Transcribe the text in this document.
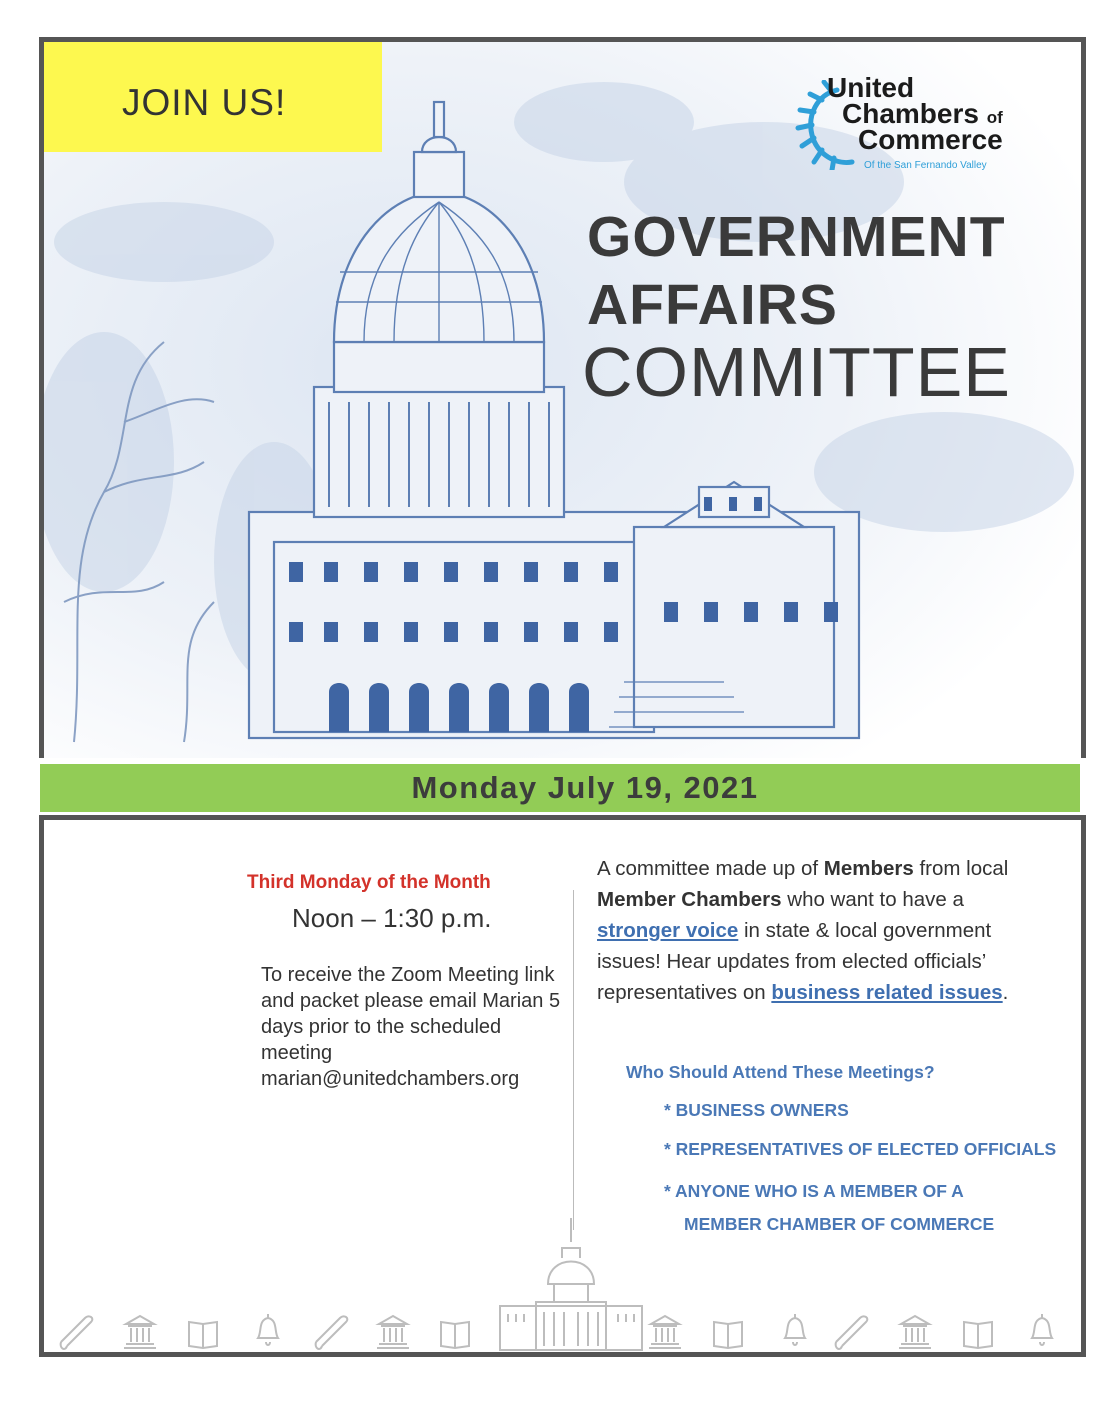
JOIN US!	United
Chambers of
Commerce
Of the San Fernando Valley
GOVERNMENT
AFFAIRS
COMMITTEE
Monday July 19, 2021
Third Monday of the Month
Noon – 1:30 p.m.
To receive the Zoom Meeting link and packet please email Marian 5 days prior to the scheduled meeting marian@unitedchambers.org
A committee made up of Members from local Member Chambers who want to have a stronger voice in state & local government issues! Hear updates from elected officials’ representatives on business related issues.
Who Should Attend These Meetings?
* BUSINESS OWNERS
* REPRESENTATIVES OF ELECTED OFFICIALS
* ANYONE WHO IS A MEMBER OF A
MEMBER CHAMBER OF COMMERCE
